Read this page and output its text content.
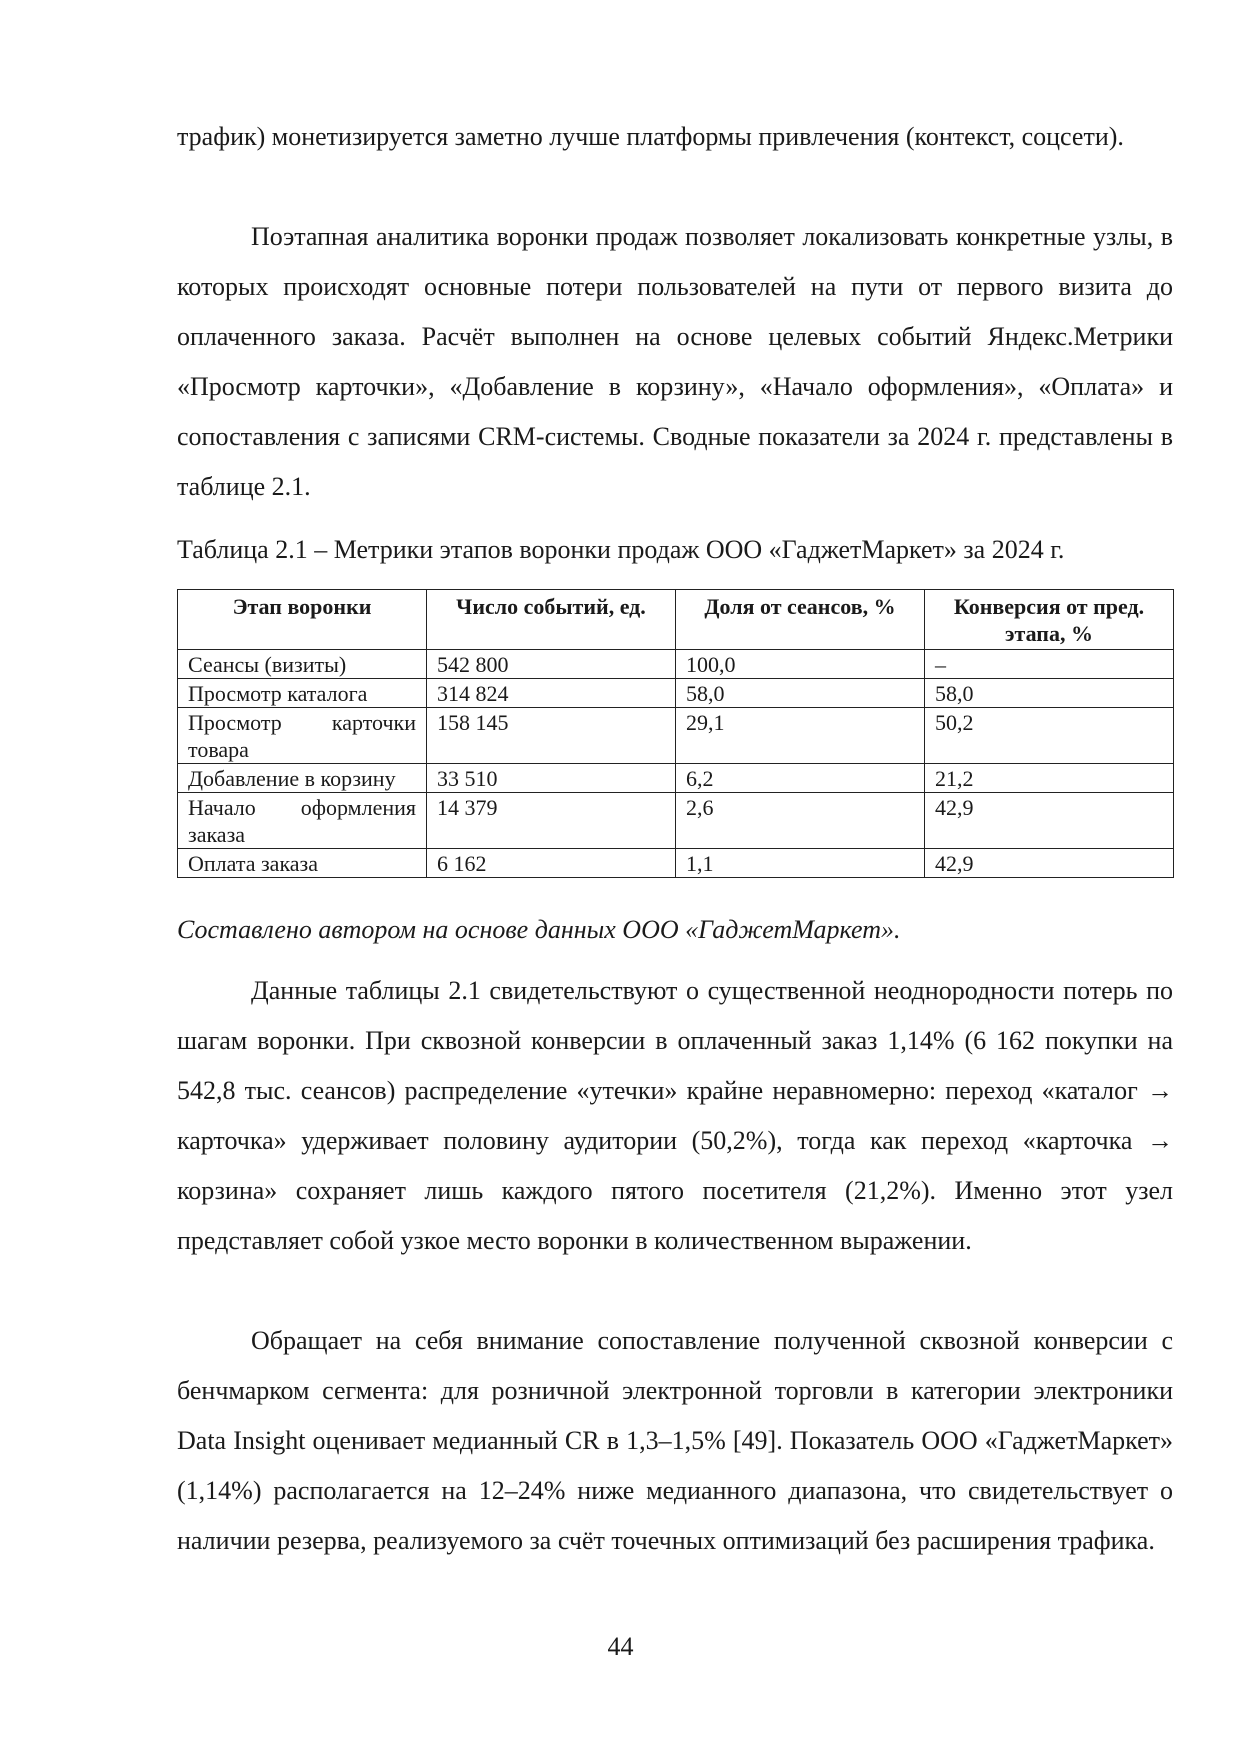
трафик) монетизируется заметно лучше платформы привлечения (контекст, соцсети).

Поэтапная аналитика воронки продаж позволяет локализовать конкретные узлы, в которых происходят основные потери пользователей на пути от первого визита до оплаченного заказа. Расчёт выполнен на основе целевых событий Яндекс.Метрики «Просмотр карточки», «Добавление в корзину», «Начало оформления», «Оплата» и сопоставления с записями CRM-системы. Сводные показатели за 2024 г. представлены в таблице 2.1.

Таблица 2.1 – Метрики этапов воронки продаж ООО «ГаджетМаркет» за 2024 г.

Этап воронки	Число событий, ед.	Доля от сеансов, %	Конверсия от пред. этапа, %
Сеансы (визиты)	542 800	100,0	–
Просмотр каталога	314 824	58,0	58,0
Просмотр карточки товара	158 145	29,1	50,2
Добавление в корзину	33 510	6,2	21,2
Начало оформления заказа	14 379	2,6	42,9
Оплата заказа	6 162	1,1	42,9

Составлено автором на основе данных ООО «ГаджетМаркет».

Данные таблицы 2.1 свидетельствуют о существенной неоднородности потерь по шагам воронки. При сквозной конверсии в оплаченный заказ 1,14% (6 162 покупки на 542,8 тыс. сеансов) распределение «утечки» крайне неравномерно: переход «каталог → карточка» удерживает половину аудитории (50,2%), тогда как переход «карточка → корзина» сохраняет лишь каждого пятого посетителя (21,2%). Именно этот узел представляет собой узкое место воронки в количественном выражении.

Обращает на себя внимание сопоставление полученной сквозной конверсии с бенчмарком сегмента: для розничной электронной торговли в категории электроники Data Insight оценивает медианный CR в 1,3–1,5% [49]. Показатель ООО «ГаджетМаркет» (1,14%) располагается на 12–24% ниже медианного диапазона, что свидетельствует о наличии резерва, реализуемого за счёт точечных оптимизаций без расширения трафика.

44
